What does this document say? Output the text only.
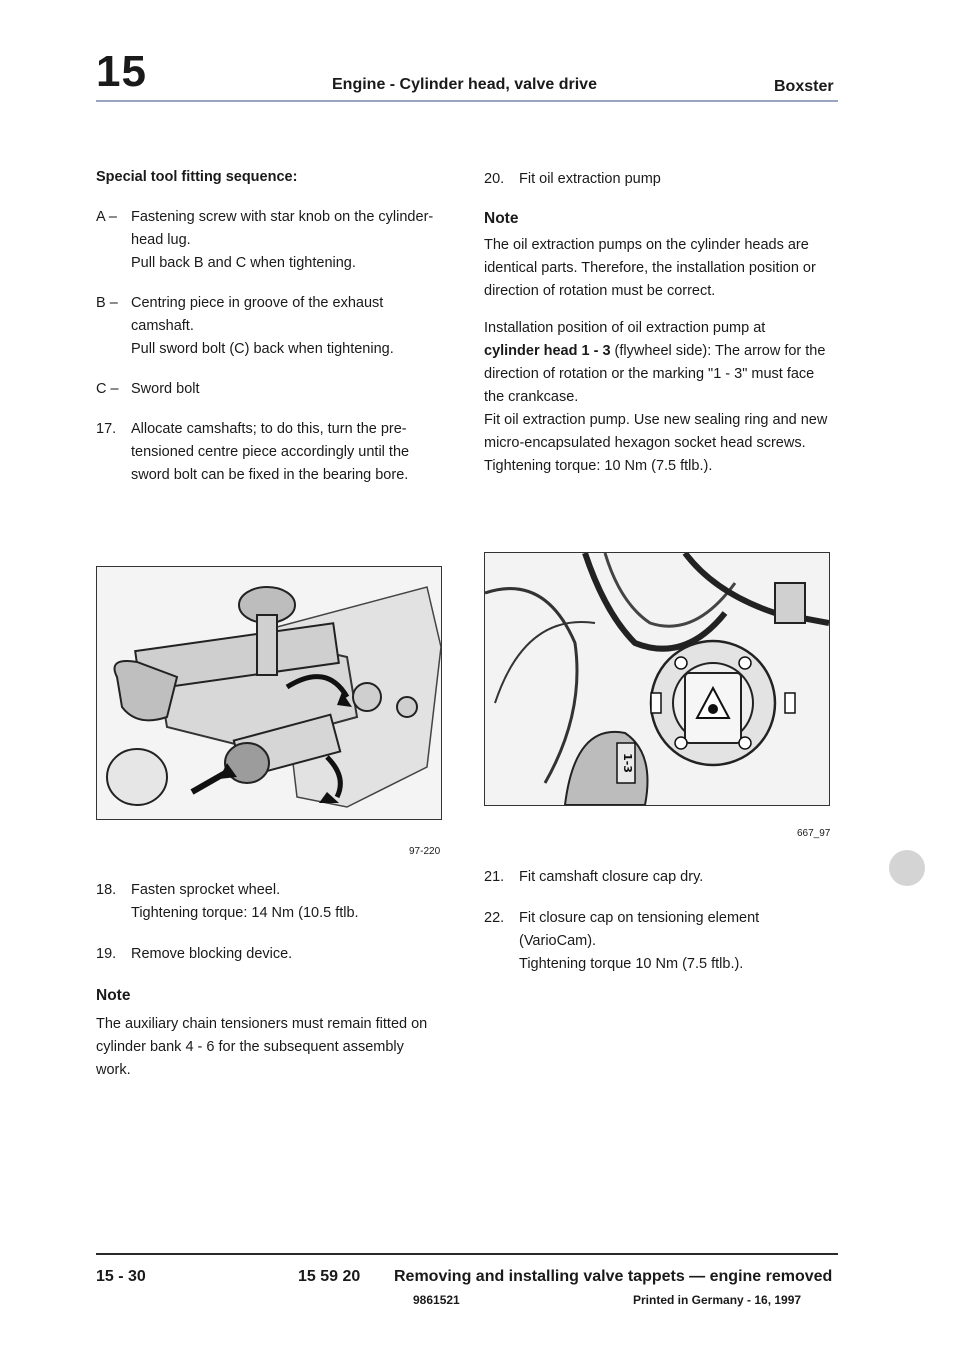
15	Engine - Cylinder head, valve drive	Boxster

Special tool fitting sequence:

A – Fastening screw with star knob on the cylinder-head lug.

Pull back B and C when tightening.

B – Centring piece in groove of the exhaust camshaft.

Pull sword bolt (C) back when tightening.

C – Sword bolt

17. Allocate camshafts; to do this, turn the pre-tensioned centre piece accordingly until the sword bolt can be fixed in the bearing bore.

97-220
18. Fasten sprocket wheel.

Tightening torque: 14 Nm (10.5 ftlb.

19. Remove blocking device.

Note

The auxiliary chain tensioners must remain fitted on cylinder bank 4 - 6 for the subsequent assembly work.

20. Fit oil extraction pump

Note

The oil extraction pumps on the cylinder heads are identical parts. Therefore, the installation position or direction of rotation must be correct.

Installation position of oil extraction pump at
cylinder head 1 - 3 (flywheel side): The arrow for the direction of rotation or the marking "1 - 3" must face the crankcase.

Fit oil extraction pump. Use new sealing ring and new micro-encapsulated hexagon socket head screws.

Tightening torque: 10 Nm (7.5 ftlb.).

1-3
667_97
21. Fit camshaft closure cap dry.

22. Fit closure cap on tensioning element (VarioCam).

Tightening torque 10 Nm (7.5 ftlb.).

15 - 30	15 59 20 Removing and installing valve tappets — engine removed
9861521	Printed in Germany - 16, 1997
